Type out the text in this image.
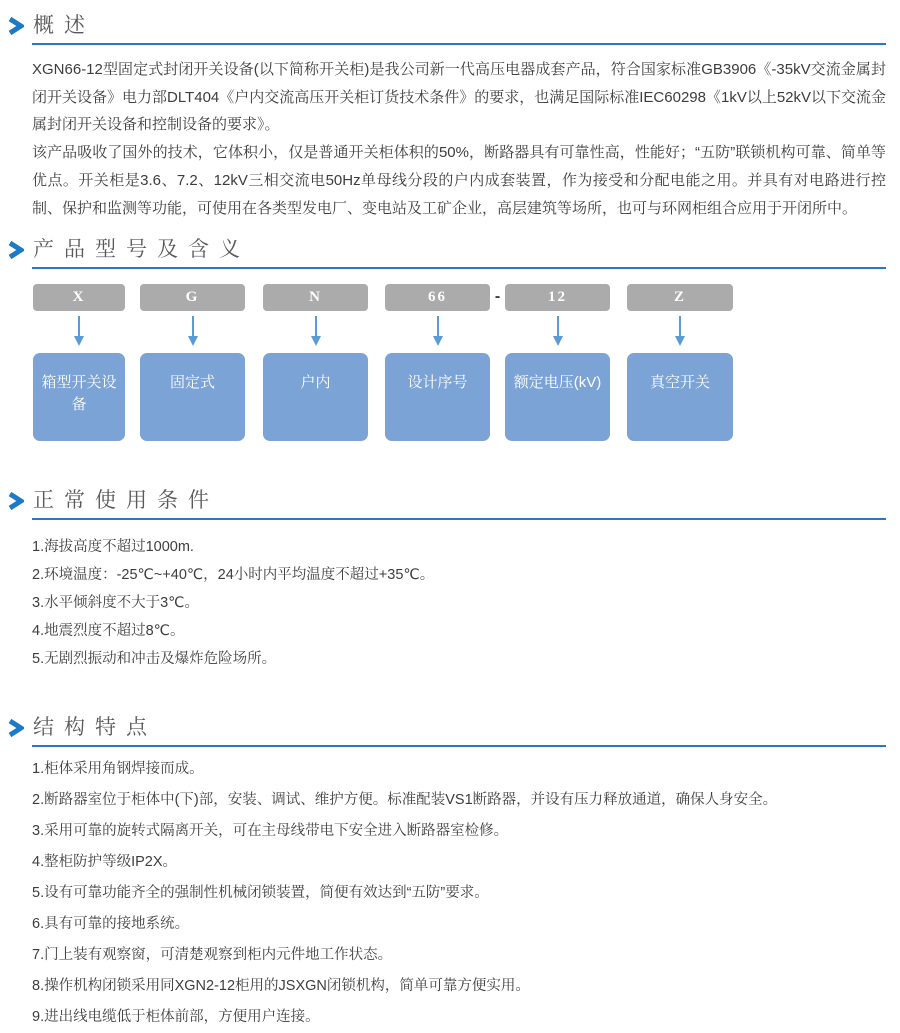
概述

XGN66-12型固定式封闭开关设备(以下简称开关柜)是我公司新一代高压电器成套产品，符合国家标准GB3906《-35kV交流金属封闭开关设备》电力部DLT404《户内交流高压开关柜订货技术条件》的要求，也满足国际标准IEC60298《1kV以上52kV以下交流金属封闭开关设备和控制设备的要求》。

该产品吸收了国外的技术，它体积小，仅是普通开关柜体积的50%，断路器具有可靠性高，性能好；“五防”联锁机构可靠、简单等优点。开关柜是3.6、7.2、12kV三相交流电50Hz单母线分段的户内成套装置，作为接受和分配电能之用。并具有对电路进行控制、保护和监测等功能，可使用在各类型发电厂、变电站及工矿企业，高层建筑等场所，也可与环网柜组合应用于开闭所中。

产品型号及含义
X
箱型开关设备
G
固定式
N
户内
66
设计序号
-	12
额定电压(kV)
Z
真空开关
正常使用条件
1.海拔高度不超过1000m.
2.环境温度：-25℃~+40℃，24小时内平均温度不超过+35℃。
3.水平倾斜度不大于3℃。
4.地震烈度不超过8℃。
5.无剧烈振动和冲击及爆炸危险场所。
结构特点
1.柜体采用角钢焊接而成。
2.断路器室位于柜体中(下)部，安装、调试、维护方便。标准配装VS1断路器，并设有压力释放通道，确保人身安全。
3.采用可靠的旋转式隔离开关，可在主母线带电下安全进入断路器室检修。
4.整柜防护等级IP2X。
5.设有可靠功能齐全的强制性机械闭锁装置，简便有效达到“五防”要求。
6.具有可靠的接地系统。
7.门上装有观察窗，可清楚观察到柜内元件地工作状态。
8.操作机构闭锁采用同XGN2-12柜用的JSXGN闭锁机构，简单可靠方便实用。
9.进出线电缆低于柜体前部，方便用户连接。
